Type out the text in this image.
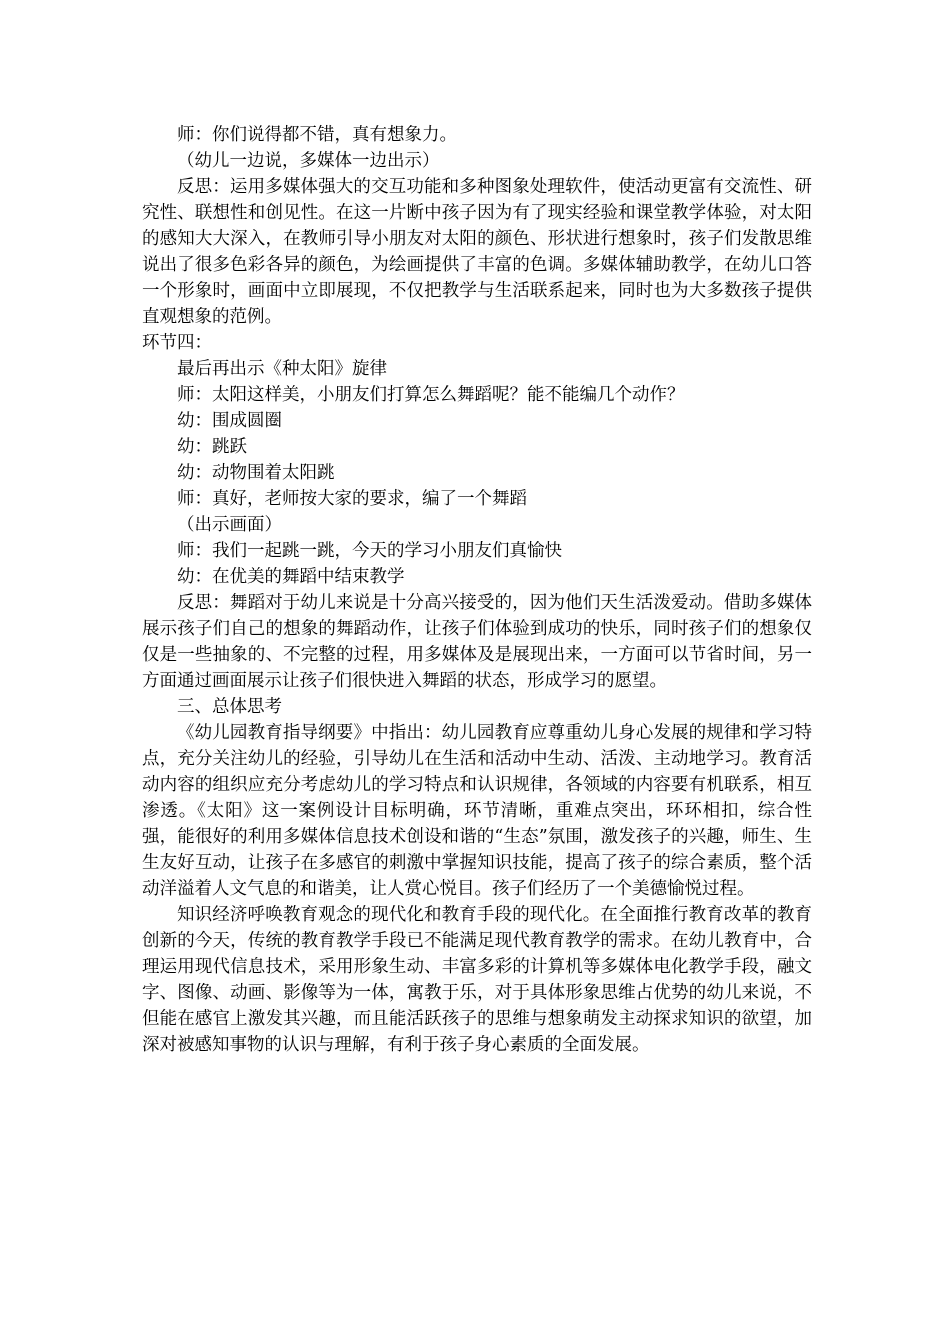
师：你们说得都不错，真有想象力。

（幼儿一边说，多媒体一边出示）

反思：运用多媒体强大的交互功能和多种图象处理软件，使活动更富有交流性、研究性、联想性和创见性。在这一片断中孩子因为有了现实经验和课堂教学体验，对太阳的感知大大深入，在教师引导小朋友对太阳的颜色、形状进行想象时，孩子们发散思维说出了很多色彩各异的颜色，为绘画提供了丰富的色调。多媒体辅助教学，在幼儿口答一个形象时，画面中立即展现，不仅把教学与生活联系起来，同时也为大多数孩子提供直观想象的范例。

环节四：

最后再出示《种太阳》旋律

师：太阳这样美，小朋友们打算怎么舞蹈呢？能不能编几个动作？

幼：围成圆圈

幼：跳跃

幼：动物围着太阳跳

师：真好，老师按大家的要求，编了一个舞蹈

（出示画面）

师：我们一起跳一跳，今天的学习小朋友们真愉快

幼：在优美的舞蹈中结束教学

反思：舞蹈对于幼儿来说是十分高兴接受的，因为他们天生活泼爱动。借助多媒体展示孩子们自己的想象的舞蹈动作，让孩子们体验到成功的快乐，同时孩子们的想象仅仅是一些抽象的、不完整的过程，用多媒体及是展现出来，一方面可以节省时间，另一方面通过画面展示让孩子们很快进入舞蹈的状态，形成学习的愿望。

三、总体思考

《幼儿园教育指导纲要》中指出：幼儿园教育应尊重幼儿身心发展的规律和学习特点，充分关注幼儿的经验，引导幼儿在生活和活动中生动、活泼、主动地学习。教育活动内容的组织应充分考虑幼儿的学习特点和认识规律，各领域的内容要有机联系，相互渗透。《太阳》这一案例设计目标明确，环节清晰，重难点突出，环环相扣，综合性强，能很好的利用多媒体信息技术创设和谐的“生态”氛围，激发孩子的兴趣，师生、生生友好互动，让孩子在多感官的刺激中掌握知识技能，提高了孩子的综合素质，整个活动洋溢着人文气息的和谐美，让人赏心悦目。孩子们经历了一个美德愉悦过程。

知识经济呼唤教育观念的现代化和教育手段的现代化。在全面推行教育改革的教育创新的今天，传统的教育教学手段已不能满足现代教育教学的需求。在幼儿教育中，合理运用现代信息技术，采用形象生动、丰富多彩的计算机等多媒体电化教学手段，融文字、图像、动画、影像等为一体，寓教于乐，对于具体形象思维占优势的幼儿来说，不但能在感官上激发其兴趣，而且能活跃孩子的思维与想象萌发主动探求知识的欲望，加深对被感知事物的认识与理解，有利于孩子身心素质的全面发展。
